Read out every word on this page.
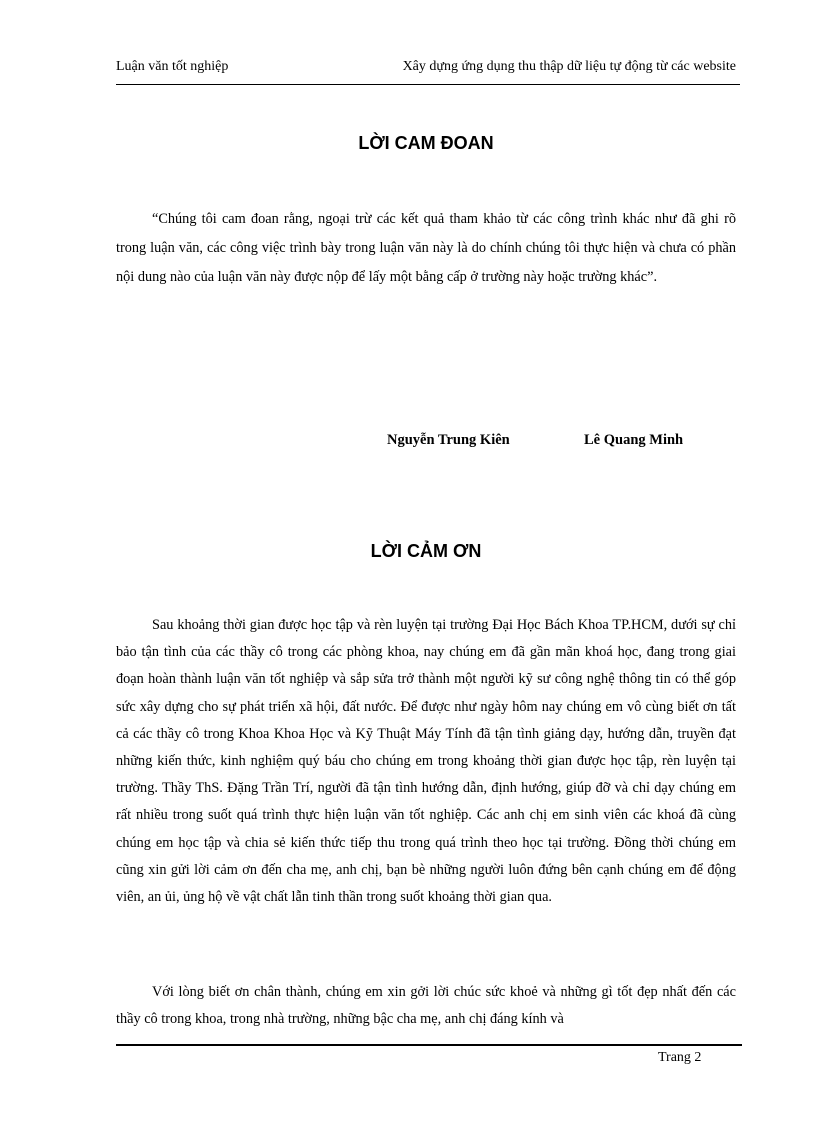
Luận văn tốt nghiệp	Xây dựng ứng dụng thu thập dữ liệu tự động từ các website
LỜI CAM ĐOAN

“Chúng tôi cam đoan rằng, ngoại trừ các kết quả tham khảo từ các công trình khác như đã ghi rõ trong luận văn, các công việc trình bày trong luận văn này là do chính chúng tôi thực hiện và chưa có phần nội dung nào của luận văn này được nộp để lấy một bằng cấp ở trường này hoặc trường khác”.

Nguyễn Trung Kiên	Lê Quang Minh
LỜI CẢM ƠN

Sau khoảng thời gian được học tập và rèn luyện tại trường Đại Học Bách Khoa TP.HCM, dưới sự chỉ bảo tận tình của các thầy cô trong các phòng khoa, nay chúng em đã gần mãn khoá học, đang trong giai đoạn hoàn thành luận văn tốt nghiệp và sắp sửa trở thành một người kỹ sư công nghệ thông tin có thể góp sức xây dựng cho sự phát triển xã hội, đất nước. Để được như ngày hôm nay chúng em vô cùng biết ơn tất cả các thầy cô trong Khoa Khoa Học và Kỹ Thuật Máy Tính đã tận tình giảng dạy, hướng dẫn, truyền đạt những kiến thức, kinh nghiệm quý báu cho chúng em trong khoảng thời gian được học tập, rèn luyện tại trường. Thầy ThS. Đặng Trần Trí, người đã tận tình hướng dẫn, định hướng, giúp đỡ và chỉ dạy chúng em rất nhiều trong suốt quá trình thực hiện luận văn tốt nghiệp. Các anh chị em sinh viên các khoá đã cùng chúng em học tập và chia sẻ kiến thức tiếp thu trong quá trình theo học tại trường. Đồng thời chúng em cũng xin gửi lời cảm ơn đến cha mẹ, anh chị, bạn bè những người luôn đứng bên cạnh chúng em để động viên, an ủi, ủng hộ về vật chất lẫn tinh thần trong suốt khoảng thời gian qua.

Với lòng biết ơn chân thành, chúng em xin gởi lời chúc sức khoẻ và những gì tốt đẹp nhất đến các thầy cô trong khoa, trong nhà trường, những bậc cha mẹ, anh chị đáng kính và

Trang 2
